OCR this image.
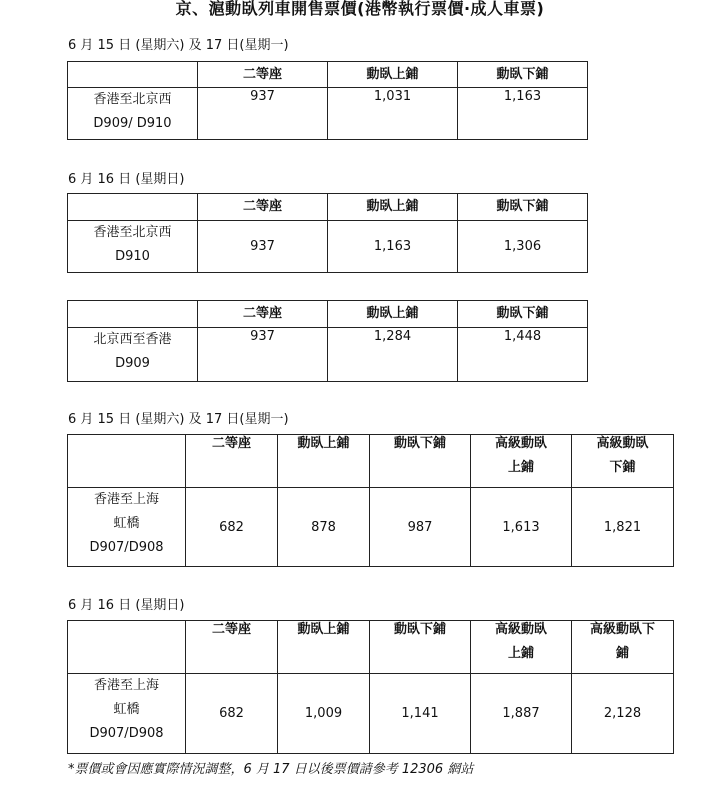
京、滬動臥列車開售票價(港幣執行票價·成人車票)
6 月 15 日 (星期六) 及 17 日(星期一)
	二等座	動臥上鋪	動臥下鋪

香港至北京西
D909/ D910	937	1,031	1,163
6 月 16 日 (星期日)
	二等座	動臥上鋪	動臥下鋪

香港至北京西
D910	937	1,163	1,306
	二等座	動臥上鋪	動臥下鋪

北京西至香港
D909	937	1,284	1,448
6 月 15 日 (星期六) 及 17 日(星期一)

	二等座	動臥上鋪	動臥下鋪	高級動臥
上鋪	高級動臥
下鋪

香港至上海
虹橋
D907/D908	682	878	987	1,613	1,821
6 月 16 日 (星期日)

	二等座	動臥上鋪	動臥下鋪	高級動臥
上鋪	高級動臥下
鋪

香港至上海
虹橋
D907/D908	682	1,009	1,141	1,887	2,128
*票價或會因應實際情況調整，6 月 17 日以後票價請參考 12306 網站
